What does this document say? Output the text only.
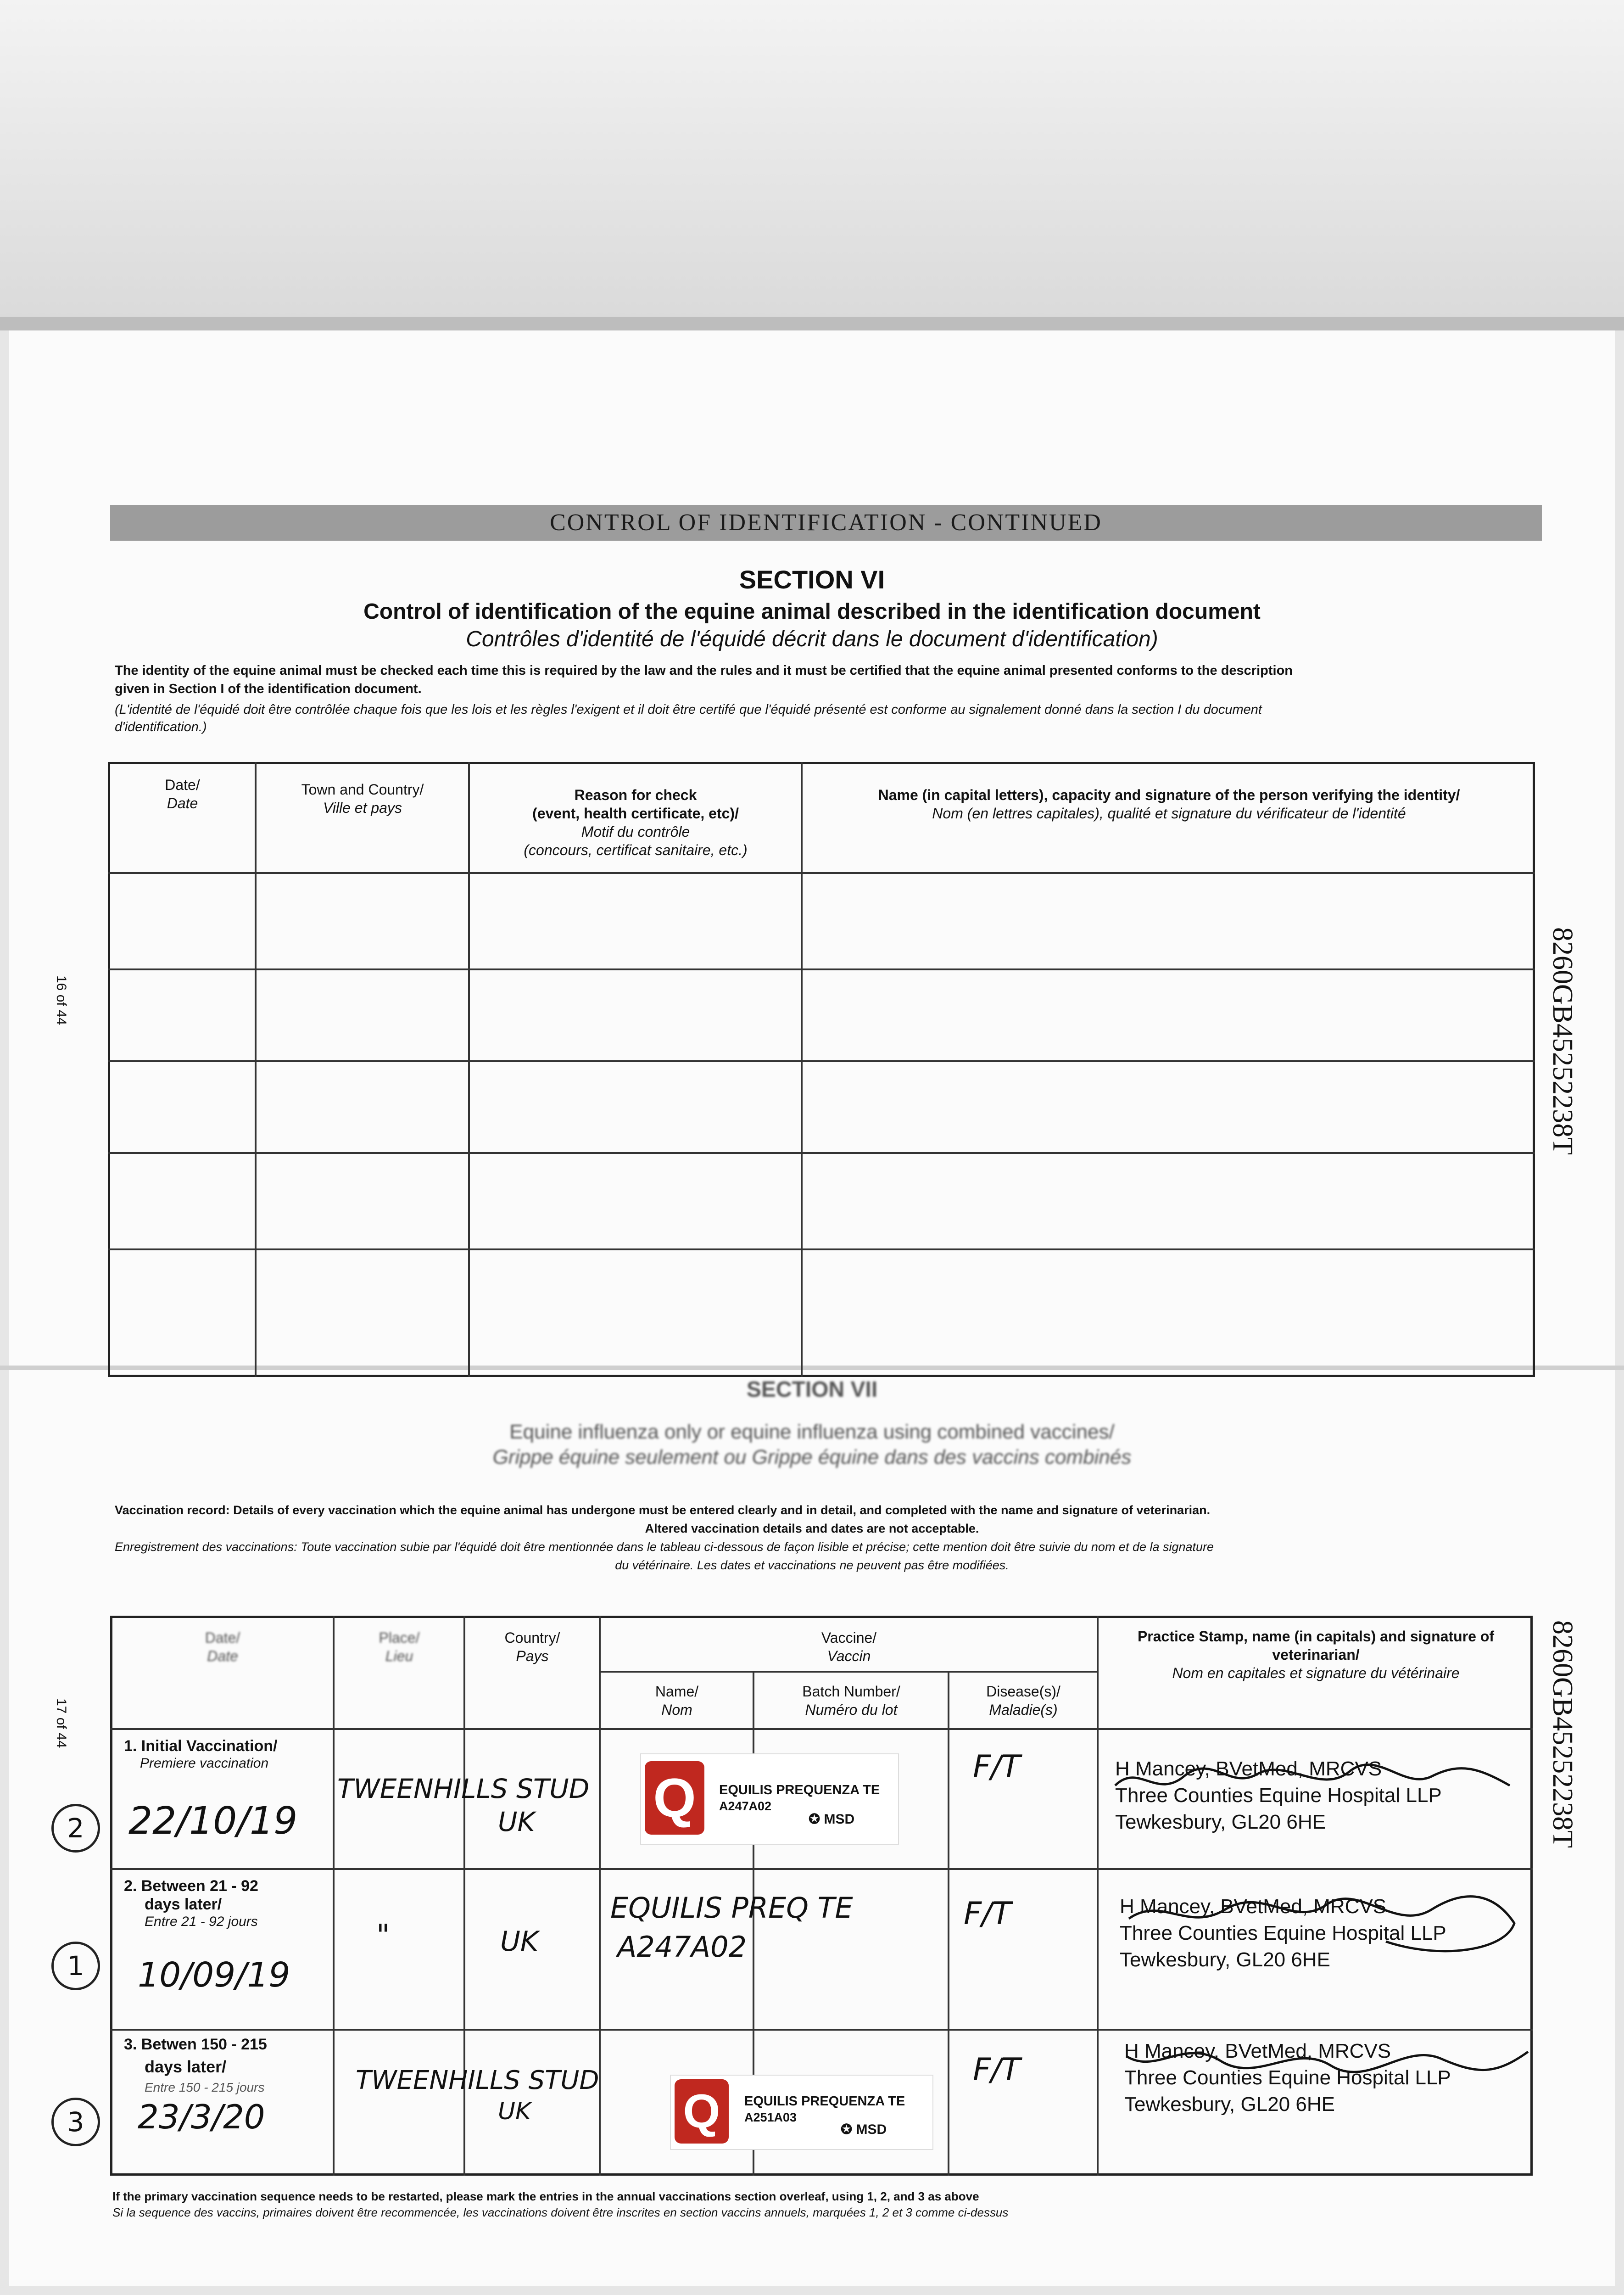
CONTROL OF IDENTIFICATION - CONTINUED
SECTION VI
Control of identification of the equine animal described in the identification document
Contrôles d'identité de l'équidé décrit dans le document d'identification)
The identity of the equine animal must be checked each time this is required by the law and the rules and it must be certified that the equine animal presented conforms to the description
given in Section I of the identification document.
(L'identité de l'équidé doit être contrôlée chaque fois que les lois et les règles l'exigent et il doit être certifé que l'équidé présenté est conforme au signalement donné dans la section I du document
d'identification.)
Date/
Date
Town and Country/
Ville et pays
Reason for check
(event, health certificate, etc)/
Motif du contrôle
(concours, certificat sanitaire, etc.)
Name (in capital letters), capacity and signature of the person verifying the identity/
Nom (en lettres capitales), qualité et signature du vérificateur de l'identité
16 of 44	8260GB45252238T
SECTION VII
Equine influenza only or equine influenza using combined vaccines/
Grippe équine seulement ou Grippe équine dans des vaccins combinés
Vaccination record: Details of every vaccination which the equine animal has undergone must be entered clearly and in detail, and completed with the name and signature of veterinarian.
Altered vaccination details and dates are not acceptable.
Enregistrement des vaccinations: Toute vaccination subie par l'équidé doit être mentionnée dans le tableau ci-dessous de façon lisible et précise; cette mention doit être suivie du nom et de la signature
du vétérinaire. Les dates et vaccinations ne peuvent pas être modifiées.
Date/
Date
Place/
Lieu
Country/
Pays
Vaccine/
Vaccin
Name/
Nom
Batch Number/
Numéro du lot
Disease(s)/
Maladie(s)
Practice Stamp, name (in capitals) and signature of
veterinarian/
Nom en capitales et signature du vétérinaire
1. Initial Vaccination/
Premiere vaccination
2	22/10/19
TWEENHILLS STUD
UK Q	EQUILIS PREQUENZA TE
A247A02
✪ MSD
F/T	H Mancey, BVetMed, MRCVS
Three Counties Equine Hospital LLP
Tewkesbury, GL20 6HE
2. Between 21 - 92
days later/
Entre 21 - 92 jours
1	10/09/19
"	UK
EQUILIS PREQ TE
A247A02
F/T	H Mancey, BVetMed, MRCVS
Three Counties Equine Hospital LLP
Tewkesbury, GL20 6HE
3. Betwen 150 - 215
days later/
Entre 150 - 215 jours
3	23/3/20
TWEENHILLS STUD
UK	Q	EQUILIS PREQUENZA TE
A251A03
✪ MSD
F/T
H Mancey, BVetMed, MRCVS
Three Counties Equine Hospital LLP
Tewkesbury, GL20 6HE
If the primary vaccination sequence needs to be restarted, please mark the entries in the annual vaccinations section overleaf, using 1, 2, and 3 as above
Si la sequence des vaccins, primaires doivent être recommencée, les vaccinations doivent être inscrites en section vaccins annuels, marquées 1, 2 et 3 comme ci-dessus
17 of 44	8260GB45252238T
